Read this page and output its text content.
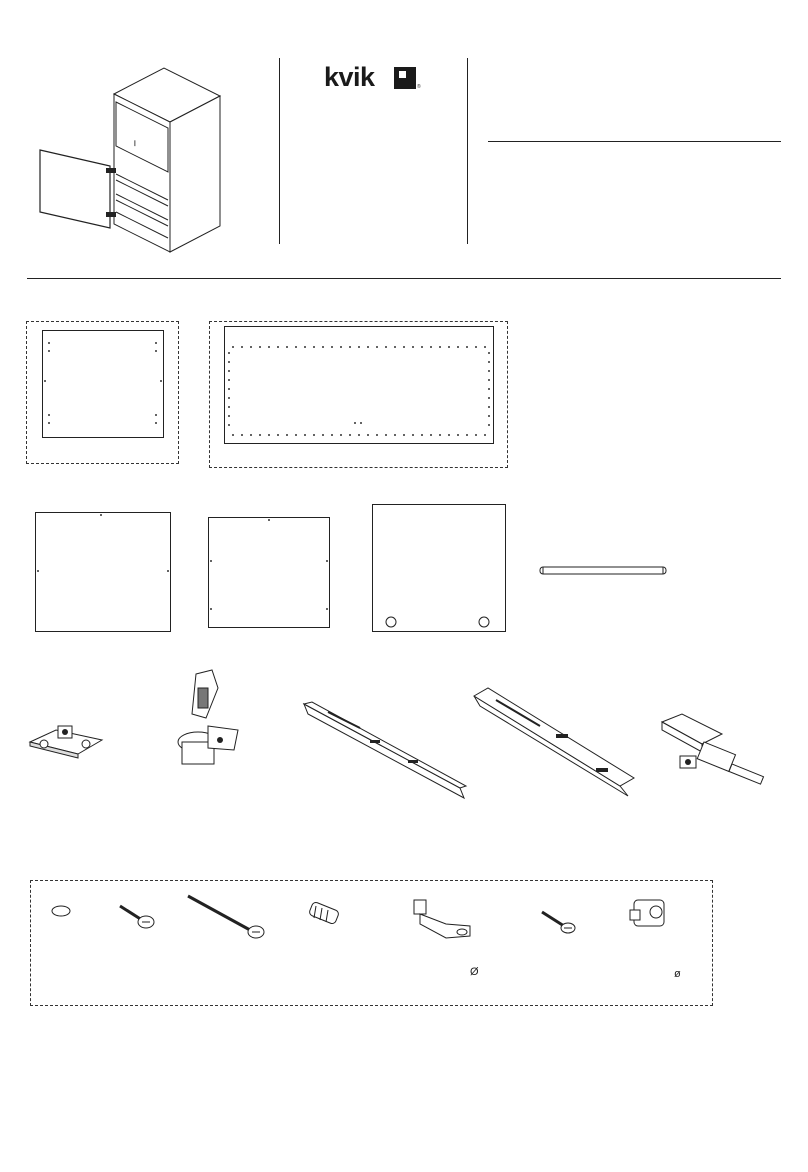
ꟾ
kvik	®
Ø	ø
